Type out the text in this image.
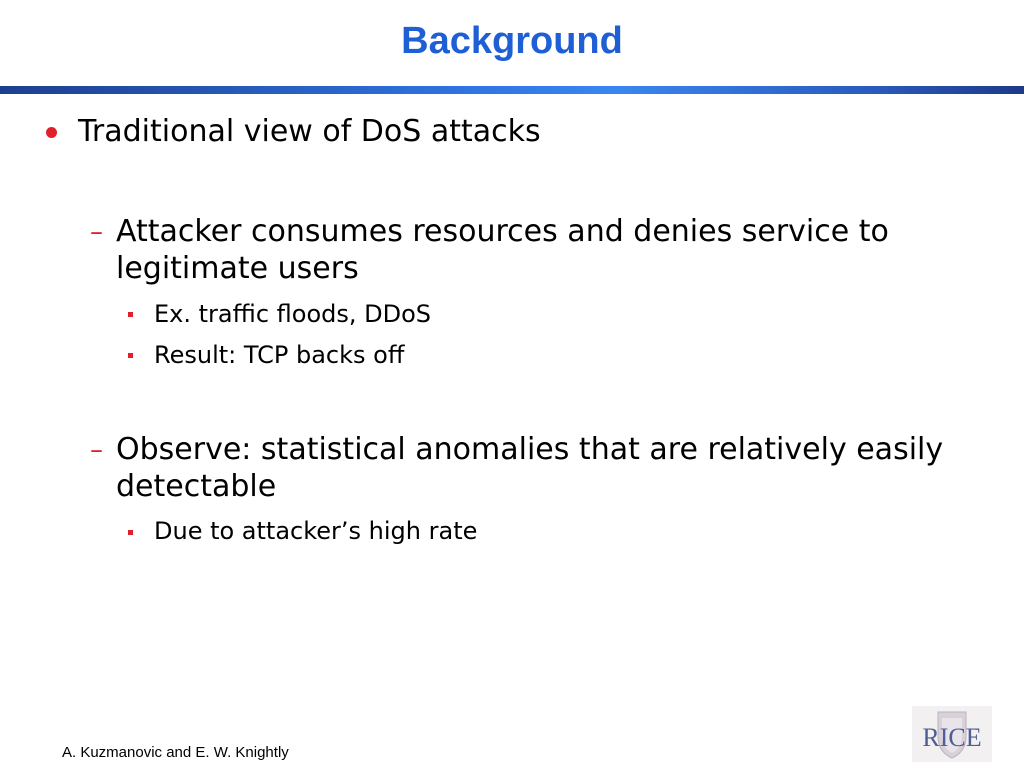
Background
Traditional view of DoS attacks
– Attacker consumes resources and denies service to legitimate users
Ex. traffic floods, DDoS
Result: TCP backs off
– Observe: statistical anomalies that are relatively easily detectable
Due to attacker’s high rate
A. Kuzmanovic and E. W. Knightly
RICE
